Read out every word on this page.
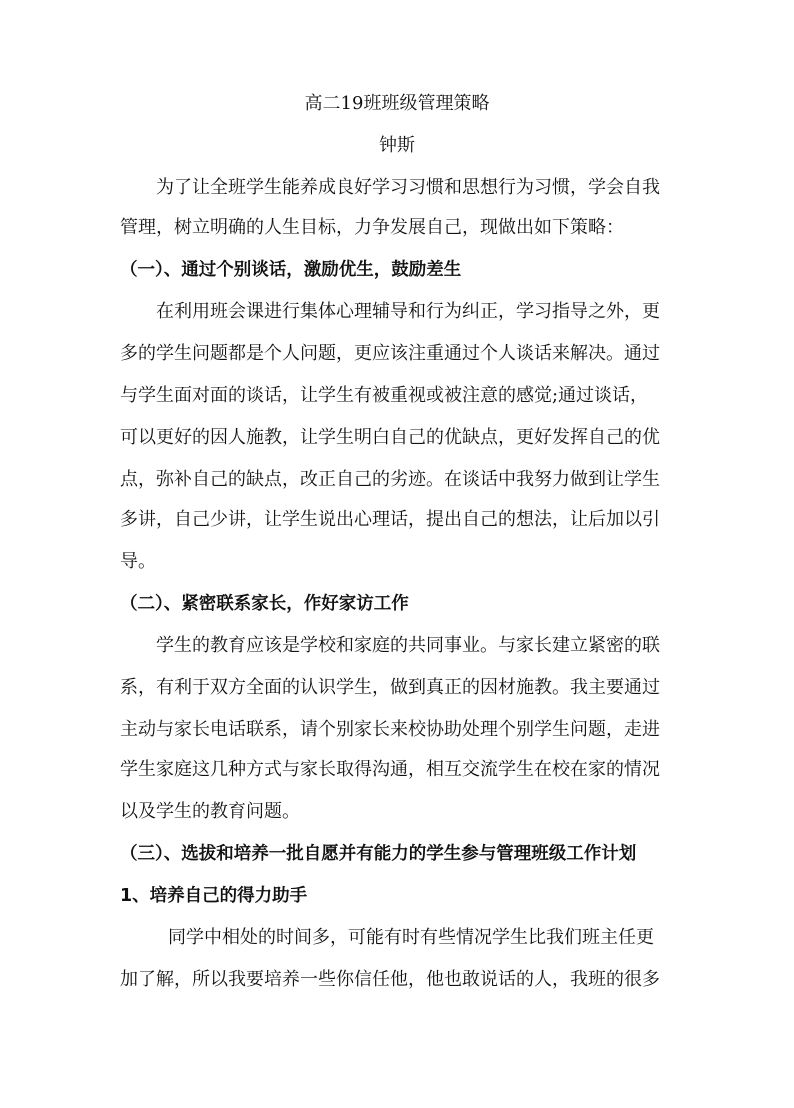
高二19班班级管理策略
钟斯
为了让全班学生能养成良好学习习惯和思想行为习惯，学会自我
管理，树立明确的人生目标，力争发展自己，现做出如下策略：
（一）、通过个别谈话，激励优生，鼓励差生
在利用班会课进行集体心理辅导和行为纠正，学习指导之外，更
多的学生问题都是个人问题，更应该注重通过个人谈话来解决。通过
与学生面对面的谈话，让学生有被重视或被注意的感觉;通过谈话，
可以更好的因人施教，让学生明白自己的优缺点，更好发挥自己的优
点，弥补自己的缺点，改正自己的劣迹。在谈话中我努力做到让学生
多讲，自己少讲，让学生说出心理话，提出自己的想法，让后加以引
导。
（二）、紧密联系家长，作好家访工作
学生的教育应该是学校和家庭的共同事业。与家长建立紧密的联
系，有利于双方全面的认识学生，做到真正的因材施教。我主要通过
主动与家长电话联系，请个别家长来校协助处理个别学生问题，走进
学生家庭这几种方式与家长取得沟通，相互交流学生在校在家的情况
以及学生的教育问题。
（三）、选拔和培养一批自愿并有能力的学生参与管理班级工作计划
1、培养自己的得力助手
同学中相处的时间多，可能有时有些情况学生比我们班主任更
加了解，所以我要培养一些你信任他，他也敢说话的人，我班的很多
